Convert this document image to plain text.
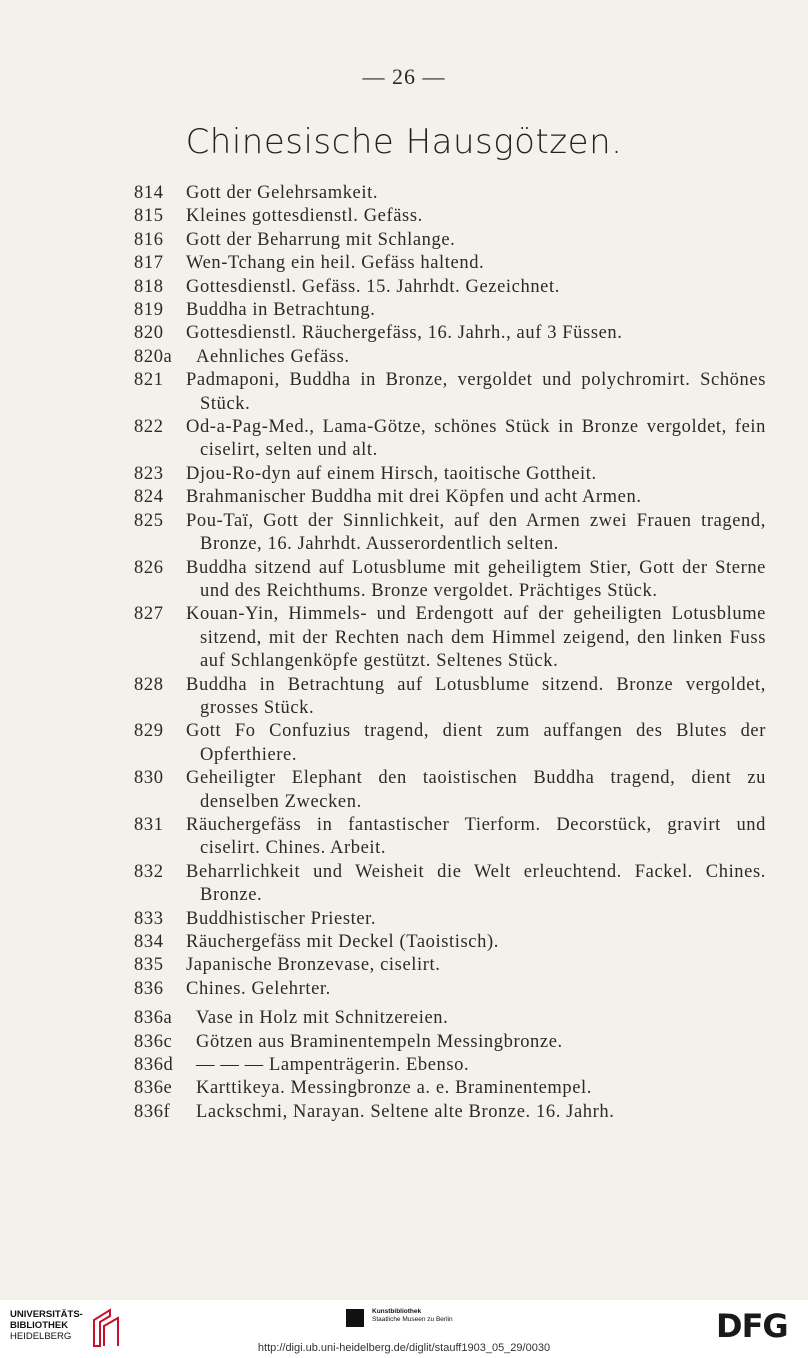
— 26 —
Chinesische Hausgötzen.
814	Gott der Gelehrsamkeit.
815	Kleines gottesdienstl. Gefäss.
816	Gott der Beharrung mit Schlange.
817	Wen-Tchang ein heil. Gefäss haltend.
818	Gottesdienstl. Gefäss. 15. Jahrhdt. Gezeichnet.
819	Buddha in Betrachtung.
820	Gottesdienstl. Räuchergefäss, 16. Jahrh., auf 3 Füssen.
820a	Aehnliches Gefäss.
821	Padmaponi, Buddha in Bronze, vergoldet und polychromirt. Schönes Stück.
822	Od-a-Pag-Med., Lama-Götze, schönes Stück in Bronze vergoldet, fein ciselirt, selten und alt.
823	Djou-Ro-dyn auf einem Hirsch, taoitische Gottheit.
824	Brahmanischer Buddha mit drei Köpfen und acht Armen.
825	Pou-Taï, Gott der Sinnlichkeit, auf den Armen zwei Frauen tragend, Bronze, 16. Jahrhdt. Ausserordentlich selten.
826	Buddha sitzend auf Lotusblume mit geheiligtem Stier, Gott der Sterne und des Reichthums. Bronze vergoldet. Prächtiges Stück.
827	Kouan-Yin, Himmels- und Erdengott auf der geheiligten Lotusblume sitzend, mit der Rechten nach dem Himmel zeigend, den linken Fuss auf Schlangenköpfe gestützt. Seltenes Stück.
828	Buddha in Betrachtung auf Lotusblume sitzend. Bronze vergoldet, grosses Stück.
829	Gott Fo Confuzius tragend, dient zum auffangen des Blutes der Opferthiere.
830	Geheiligter Elephant den taoistischen Buddha tragend, dient zu denselben Zwecken.
831	Räuchergefäss in fantastischer Tierform. Decorstück, gravirt und ciselirt. Chines. Arbeit.
832	Beharrlichkeit und Weisheit die Welt erleuchtend. Fackel. Chines. Bronze.
833	Buddhistischer Priester.
834	Räuchergefäss mit Deckel (Taoistisch).
835	Japanische Bronzevase, ciselirt.
836	Chines. Gelehrter.
836a	Vase in Holz mit Schnitzereien.
836c	Götzen aus Braminentempeln Messingbronze.
836d	— — — Lampenträgerin. Ebenso.
836e	Karttikeya. Messingbronze a. e. Braminentempel.
836f	Lackschmi, Narayan. Seltene alte Bronze. 16. Jahrh.
UNIVERSITÄTS-
BIBLIOTHEK
HEIDELBERG
Kunstbibliothek
Staatliche Museen zu Berlin
http://digi.ub.uni-heidelberg.de/diglit/stauff1903_05_29/0030
DFG
